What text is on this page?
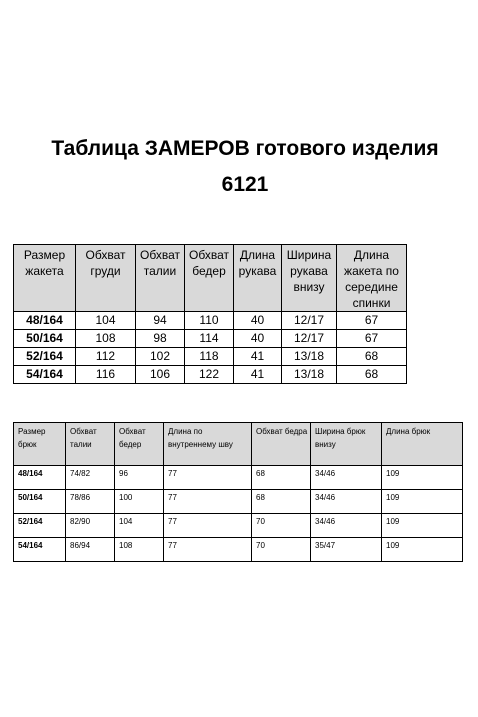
Таблица ЗАМЕРОВ готового изделия
6121
Размер жакета	Обхват груди	Обхват талии	Обхват бедер	Длина рукава	Ширина рукава внизу	Длина жакета по середине спинки
48/164	104	94	110	40	12/17	67
50/164	108	98	114	40	12/17	67
52/164	112	102	118	41	13/18	68
54/164	116	106	122	41	13/18	68
Размер брюк	Обхват талии	Обхват бедер	Длина по внутреннему шву	Обхват бедра	Ширина брюк внизу	Длина брюк
48/164	74/82	96	77	68	34/46	109
50/164	78/86	100	77	68	34/46	109
52/164	82/90	104	77	70	34/46	109
54/164	86/94	108	77	70	35/47	109
